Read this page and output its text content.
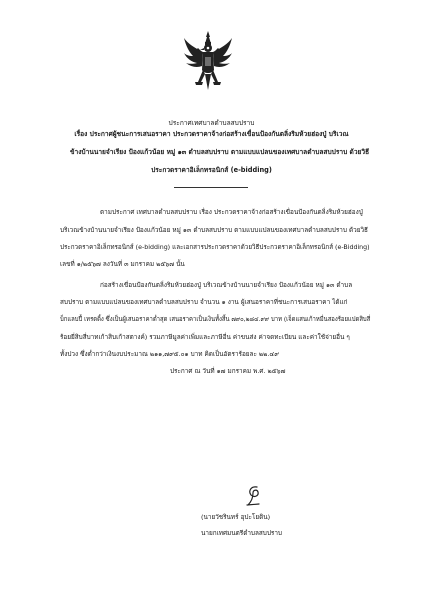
ประกาศเทศบาลตำบลสบปราบ
เรื่อง ประกาศผู้ชนะการเสนอราคา ประกวดราคาจ้างก่อสร้างเขื่อนป้องกันตลิ่งริมห้วยฮ่องปู่ บริเวณ
ข้างบ้านนายจำเรียง ป้องแก้วน้อย หมู่ ๑๓ ตำบลสบปราบ ตามแบบแปลนของเทศบาลตำบลสบปราบ ด้วยวิธี
ประกวดราคาอิเล็กทรอนิกส์ (e-bidding)
ตามประกาศ เทศบาลตำบลสบปราบ เรื่อง ประกวดราคาจ้างก่อสร้างเขื่อนป้องกันตลิ่งริมห้วยฮ่องปู่
บริเวณข้างบ้านนายจำเรียง ป้องแก้วน้อย หมู่ ๑๓ ตำบลสบปราบ ตามแบบแปลนของเทศบาลตำบลสบปราบ ด้วยวิธี
ประกวดราคาอิเล็กทรอนิกส์ (e-bidding) และเอกสารประกวดราคาด้วยวิธีประกวดราคาอิเล็กทรอนิกส์ (e-Bidding)
เลขที่ ๑/๒๕๖๗ ลงวันที่ ๓ มกราคม ๒๕๖๗ นั้น
ก่อสร้างเขื่อนป้องกันตลิ่งริมห้วยฮ่องปู่ บริเวณข้างบ้านนายจำเรียง ป้องแก้วน้อย หมู่ ๑๓ ตำบล
สบปราบ ตามแบบแปลนของเทศบาลตำบลสบปราบ จำนวน ๑ งาน ผู้เสนอราคาที่ชนะการเสนอราคา ได้แก่
บ็กแลบปี้ เทรดดิ้ง ซึ่งเป็นผู้เสนอราคาต่ำสุด เสนอราคาเป็นเงินทั้งสิ้น ๗๙๐,๒๘๔.๙๙ บาท (เจ็ดแสนเก้าหมื่นสองร้อยแปดสิบสี่
ร้อยยี่สิบสี่บาทเก้าสิบเก้าสตางค์) รวมภาษีมูลค่าเพิ่มและภาษีอื่น ค่าขนส่ง ค่าจดทะเบียน และค่าใช้จ่ายอื่น ๆ
ทั้งปวง ซึ่งต่ำกว่าเงินงบประมาณ ๒๑๑,๗๙๕.๐๑ บาท คิดเป็นอัตราร้อยละ ๒๒.๔๙
ประกาศ ณ วันที่ ๑๗ มกราคม พ.ศ. ๒๕๖๗
(นายวัชรินทร์ อุปะโยติน)
นายกเทศมนตรีตำบลสบปราบ
